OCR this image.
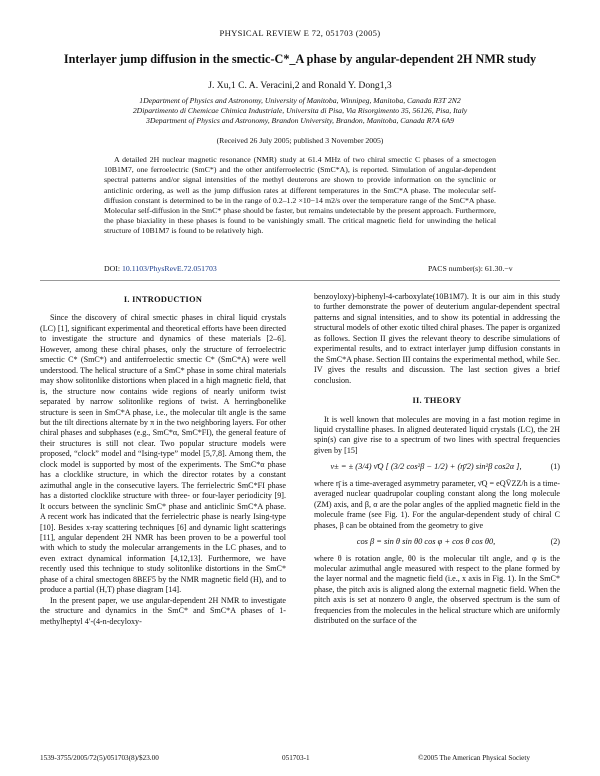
PHYSICAL REVIEW E 72, 051703 (2005)
Interlayer jump diffusion in the smectic-C*_A phase by angular-dependent 2H NMR study
J. Xu,1 C. A. Veracini,2 and Ronald Y. Dong1,3
1Department of Physics and Astronomy, University of Manitoba, Winnipeg, Manitoba, Canada R3T 2N2
2Dipartimento di Chemicae Chimica Industriale, Universita di Pisa, Via Risorgimento 35, 56126, Pisa, Italy
3Department of Physics and Astronomy, Brandon University, Brandon, Manitoba, Canada R7A 6A9
(Received 26 July 2005; published 3 November 2005)

A detailed 2H nuclear magnetic resonance (NMR) study at 61.4 MHz of two chiral smectic C phases of a smectogen 10B1M7, one ferroelectric (SmC*) and the other antiferroelectric (SmC*A), is reported. Simulation of angular-dependent spectral patterns and/or signal intensities of the methyl deuterons are shown to provide information on the synclinic or anticlinic ordering, as well as the jump diffusion rates at different temperatures in the SmC*A phase. The molecular self-diffusion constant is determined to be in the range of 0.2–1.2 ×10−14 m2/s over the temperature range of the SmC*A phase. Molecular self-diffusion in the SmC* phase should be faster, but remains undetectable by the present approach. Furthermore, the phase biaxiality in these phases is found to be vanishingly small. The critical magnetic field for unwinding the helical structure of 10B1M7 is found to be relatively high.

DOI: 10.1103/PhysRevE.72.051703	PACS number(s): 61.30.−v

I. INTRODUCTION

Since the discovery of chiral smectic phases in chiral liquid crystals (LC) [1], significant experimental and theoretical efforts have been directed to investigate the structure and dynamics of these materials [2–6]. However, among these chiral phases, only the structure of ferroelectric smectic C* (SmC*) and antiferroelectic smectic C* (SmC*A) were well understood. The helical structure of a SmC* phase in some chiral materials may show solitonlike distortions when placed in a high magnetic field, that is, the structure now contains wide regions of nearly uniform twist separated by narrow solitonlike regions of twist. A herringbonelike structure is seen in SmC*A phase, i.e., the molecular tilt angle is the same but the tilt directions alternate by π in the two neighboring layers. For other chiral phases and subphases (e.g., SmC*α, SmC*FI), the general feature of their structures is still not clear. Two popular structure models were proposed, “clock” model and “Ising-type” model [5,7,8]. Among them, the clock model is supported by most of the experiments. The SmC*α phase has a clocklike structure, in which the director rotates by a constant azimuthal angle in the consecutive layers. The ferrielectric SmC*FI phase has a distorted clocklike structure with three- or four-layer periodicity [9]. It occurs between the synclinic SmC* phase and anticlinic SmC*A phase. A recent work has indicated that the ferrielectric phase is nearly Ising-type [10]. Besides x-ray scattering techniques [6] and dynamic light scatterings [11], angular dependent 2H NMR has been proven to be a powerful tool with which to study the molecular arrangements in the LC phases, and to even extract dynamical information [4,12,13]. Furthermore, we have recently used this technique to study solitonlike distortions in the SmC* phase of a chiral smectogen 8BEF5 by the NMR magnetic field (H), and to produce a partial (H,T) phase diagram [14].

In the present paper, we use angular-dependent 2H NMR to investigate the structure and dynamics in the SmC* and SmC*A phases of 1-methylheptyl 4′-(4-n-decyloxy-

benzoyloxy)-biphenyl-4-carboxylate(10B1M7). It is our aim in this study to further demonstrate the power of deuterium angular-dependent spectral patterns and signal intensities, and to show its potential in addressing the structural models of other exotic tilted chiral phases. The paper is organized as follows. Section II gives the relevant theory to describe simulations of experimental results, and to extract interlayer jump diffusion constants in the SmC*A phase. Section III contains the experimental method, while Sec. IV gives the results and discussion. The last section gives a brief conclusion.

II. THEORY

It is well known that molecules are moving in a fast motion regime in liquid crystalline phases. In aligned deuterated liquid crystals (LC), the 2H spin(s) can give rise to a spectrum of two lines with spectral frequencies given by [15]

ν± = ± (3/4) ν̄Q [ (3/2 cos²β − 1/2) + (η̄/2) sin²β cos2α ],	(1)

where η̄ is a time-averaged asymmetry parameter, ν̄Q = eQV̄ZZ/h is a time-averaged nuclear quadrupolar coupling constant along the long molecule (ZM) axis, and β, α are the polar angles of the applied magnetic field in the molecule frame (see Fig. 1). For the angular-dependent study of chiral C phases, β can be obtained from the geometry to give

cos β = sin θ sin θ0 cos φ + cos θ cos θ0,	(2)

where θ is rotation angle, θ0 is the molecular tilt angle, and φ is the molecular azimuthal angle measured with respect to the plane formed by the layer normal and the magnetic field (i.e., x axis in Fig. 1). In the SmC* phase, the pitch axis is aligned along the external magnetic field. When the pitch axis is set at nonzero θ angle, the observed spectrum is the sum of frequencies from the molecules in the helical structure which are uniformly distributed on the surface of the

1539-3755/2005/72(5)/051703(8)/$23.00	051703-1	©2005 The American Physical Society
